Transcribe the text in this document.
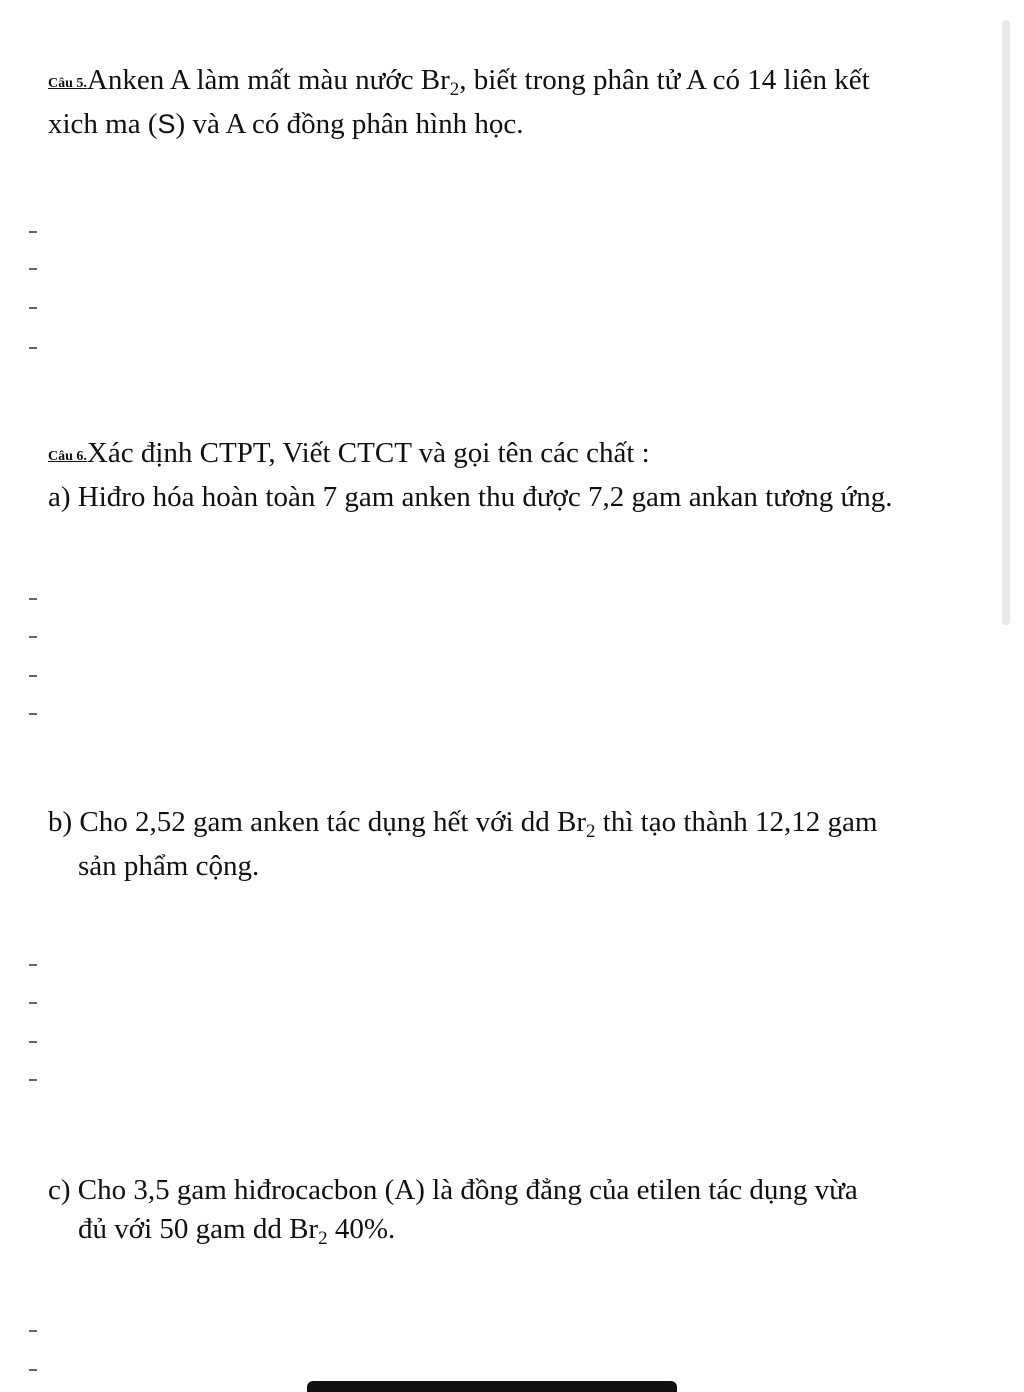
Câu 5.Anken A làm mất màu nước $Br_2$, biết trong phân tử A có 14 liên kết
xich ma (S) và A có đồng phân hình học.
Câu 6.Xác định CTPT, Viết CTCT và gọi tên các chất :
a) Hiđro hóa hoàn toàn 7 gam anken thu được 7,2 gam ankan tương ứng.
b) Cho 2,52 gam anken tác dụng hết với dd $Br_2$ thì tạo thành 12,12 gam
sản phẩm cộng.
c) Cho 3,5 gam hiđrocacbon (A) là đồng đẳng của etilen tác dụng vừa
đủ với 50 gam dd $Br_2$ 40%.
